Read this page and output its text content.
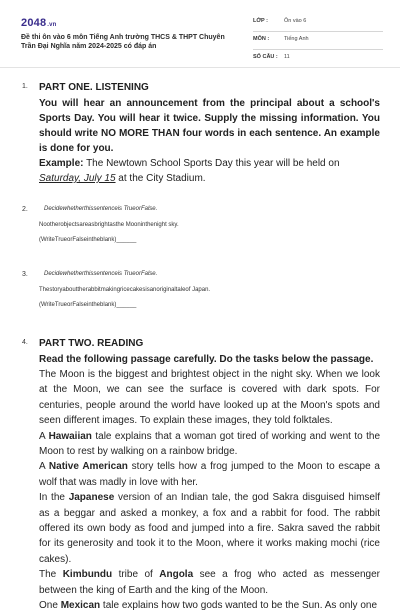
2048.vn
Đề thi ôn vào 6 môn Tiếng Anh trường THCS & THPT Chuyên Trần Đại Nghĩa năm 2024-2025 có đáp án
LỚP :	Ôn vào 6
MÔN :	Tiếng Anh
SỐ CÂU : 11
1. PART ONE. LISTENING

You will hear an announcement from the principal about a school's Sports Day. You will hear it twice. Supply the missing information. You should write NO MORE THAN four words in each sentence. An example is done for you.

Example: The Newtown School Sports Day this year will be held on Saturday, July 15 at the City Stadium.

2.	Decidewhetherthissentenceis TrueorFalse.

Nootherobjectsareasbrightasthe Mooninthenight sky.

(WriteTrueorFalseintheblank)______

3.	Decidewhetherthissentenceis TrueorFalse.

Thestoryabouttherabbitmakingricecakesisanoriginaltaleof Japan.

(WriteTrueorFalseintheblank)______

4. PART TWO. READING

Read the following passage carefully. Do the tasks below the passage.

The Moon is the biggest and brightest object in the night sky. When we look at the Moon, we can see the surface is covered with dark spots. For centuries, people around the world have looked up at the Moon's spots and seen different images. To explain these images, they told folktales.

A Hawaiian tale explains that a woman got tired of working and went to the Moon to rest by walking on a rainbow bridge.

A Native American story tells how a frog jumped to the Moon to escape a wolf that was madly in love with her.

In the Japanese version of an Indian tale, the god Sakra disguised himself as a beggar and asked a monkey, a fox and a rabbit for food. The rabbit offered its own body as food and jumped into a fire. Sakra saved the rabbit for its generosity and took it to the Moon, where it works making mochi (rice cakes).

The Kimbundu tribe of Angola see a frog who acted as messenger between the king of Earth and the king of the Moon.

One Mexican tale explains how two gods wanted to be the Sun. As only one
